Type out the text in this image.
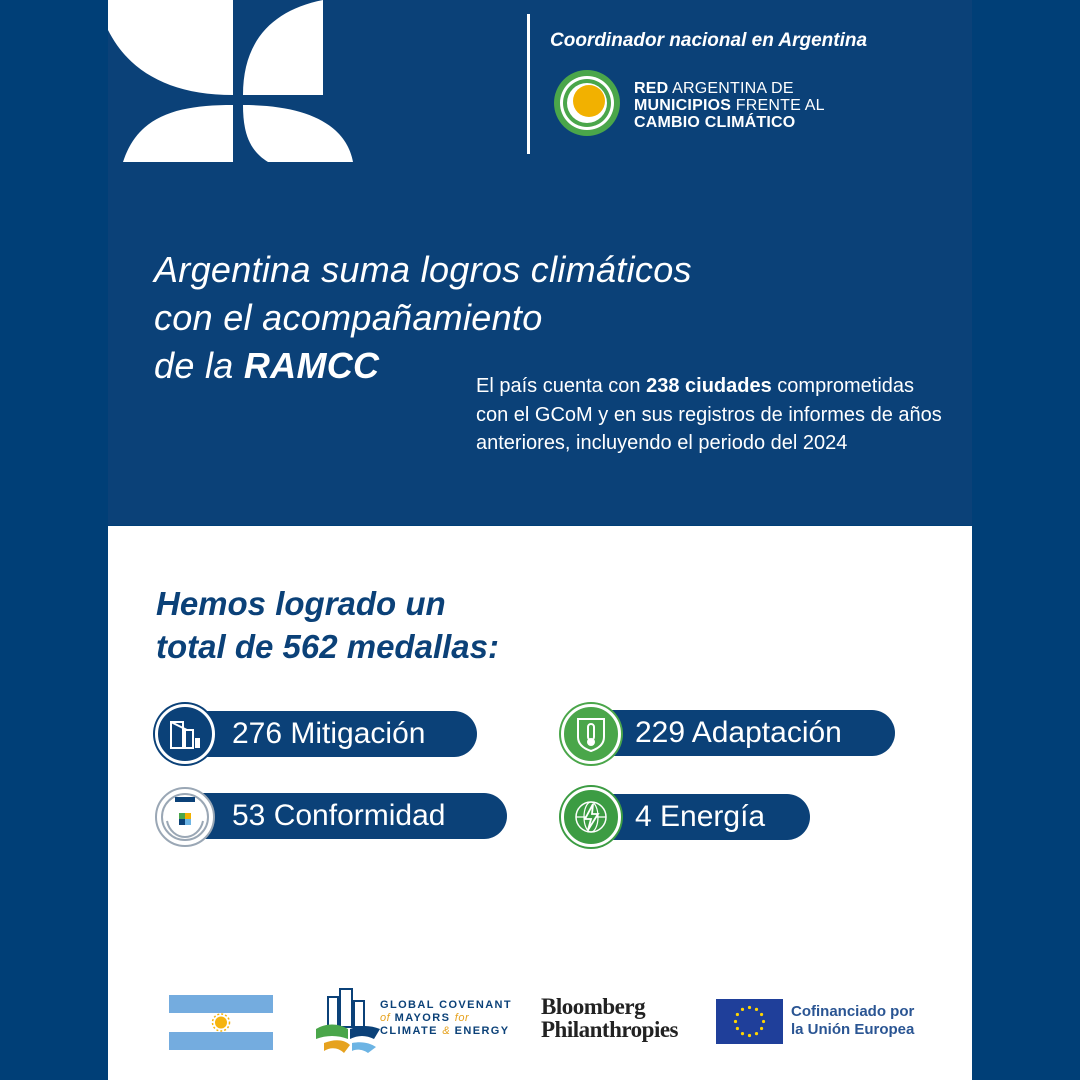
Coordinador nacional en Argentina
RED ARGENTINA DE
MUNICIPIOS FRENTE AL
CAMBIO CLIMÁTICO
Argentina suma logros climáticos
con el acompañamiento
de la RAMCC	El país cuenta con 238 ciudades comprometidas con el GCoM y en sus registros de informes de años anteriores, incluyendo el periodo del 2024
Hemos logrado un
total de 562 medallas:
276 Mitigación	229 Adaptación
53 Conformidad	4 Energía
GLOBAL COVENANT
of MAYORS for
CLIMATE & ENERGY
Bloomberg
Philanthropies
Cofinanciado por
la Unión Europea
